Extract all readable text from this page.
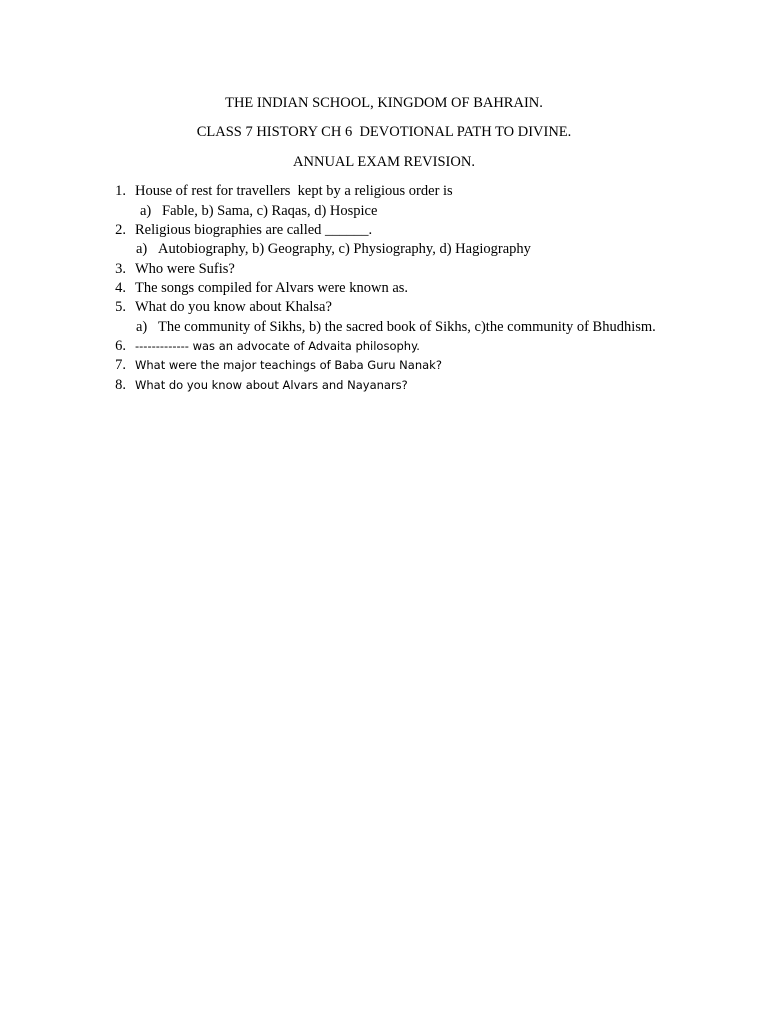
THE INDIAN SCHOOL, KINGDOM OF BAHRAIN.
CLASS 7 HISTORY CH 6  DEVOTIONAL PATH TO DIVINE.
ANNUAL EXAM REVISION.
1. House of rest for travellers  kept by a religious order is
a) Fable, b) Sama, c) Raqas, d) Hospice
2. Religious biographies are called ______.
a) Autobiography, b) Geography, c) Physiography, d) Hagiography
3. Who were Sufis?
4. The songs compiled for Alvars were known as.
5. What do you know about Khalsa?
a) The community of Sikhs, b) the sacred book of Sikhs, c)the community of Bhudhism.
6. ------------- was an advocate of Advaita philosophy.
7. What were the major teachings of Baba Guru Nanak?
8. What do you know about Alvars and Nayanars?
